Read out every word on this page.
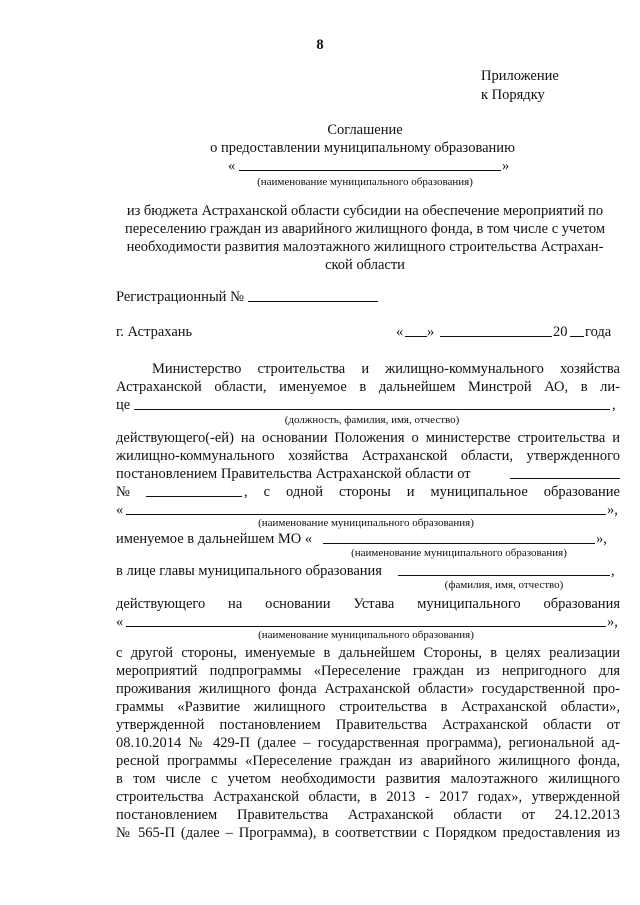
8
Приложение
к Порядку
Соглашение
о предоставлении муниципальному образованию
«	»
(наименование муниципального образования)
из бюджета Астраханской области субсидии на обеспечение мероприятий по
переселению граждан из аварийного жилищного фонда, в том числе с учетом
необходимости развития малоэтажного жилищного строительства Астрахан-
ской области
Регистрационный №
г. Астрахань	« »	20 года
Министерство строительства и жилищно-коммунального хозяйства
Астраханской области, именуемое в дальнейшем Минстрой АО, в ли-
це	,
(должность, фамилия, имя, отчество)
действующего(-ей) на основании Положения о министерстве строительства и
жилищно-коммунального хозяйства Астраханской области, утвержденного
постановлением Правительства Астраханской области от
№	, с одной стороны и муниципальное образование
«	»,
(наименование муниципального образования)
именуемое в дальнейшем МО «	»,
(наименование муниципального образования)
в лице главы муниципального образования	,
(фамилия, имя, отчество)
действующего на основании Устава муниципального образования
«	»,
(наименование муниципального образования)
с другой стороны, именуемые в дальнейшем Стороны, в целях реализации
мероприятий подпрограммы «Переселение граждан из непригодного для
проживания жилищного фонда Астраханской области» государственной про-
граммы «Развитие жилищного строительства в Астраханской области»,
утвержденной постановлением Правительства Астраханской области от
08.10.2014 № 429-П (далее – государственная программа), региональной ад-
ресной программы «Переселение граждан из аварийного жилищного фонда,
в том числе с учетом необходимости развития малоэтажного жилищного
строительства Астраханской области, в 2013 - 2017 годах», утвержденной
постановлением Правительства Астраханской области от 24.12.2013
№ 565-П (далее – Программа), в соответствии с Порядком предоставления из
